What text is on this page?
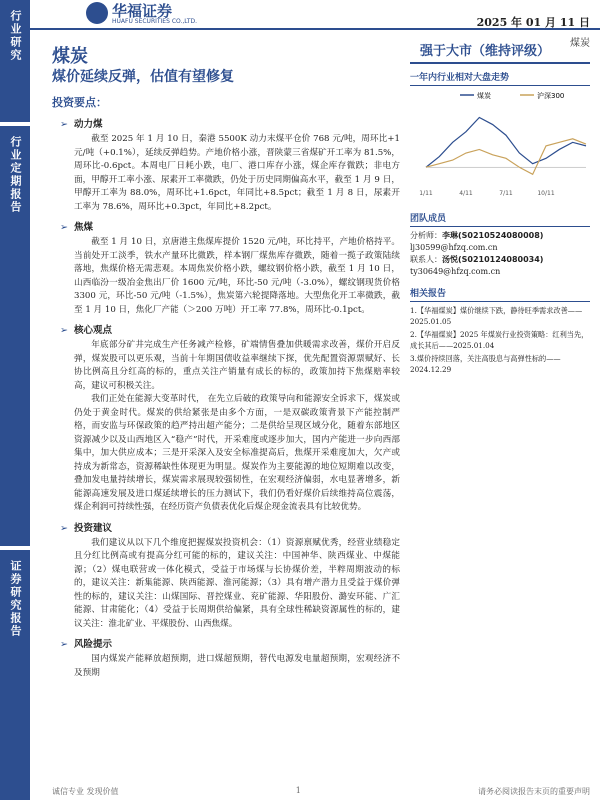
行业研究
行业定期报告
证券研究报告
华福证券
HUAFU SECURITIES CO.,LTD.	2025 年 01 月 11 日
煤炭
煤炭
煤价延续反弹，估值有望修复
强于大市（维持评级）
投资要点：
➢ 动力煤
截至 2025 年 1 月 10 日，秦港 5500K 动力末煤平仓价 768 元/吨，周环比+1 元/吨（+0.1%），延续反弹趋势。产地价格小涨，晋陕蒙三省煤矿开工率为 81.5%，周环比-0.6pct。本周电厂日耗小跌，电厂、港口库存小涨，煤企库存微跌；非电方面，甲醇开工率小涨、尿素开工率微跌，仍处于历史同期偏高水平，截至 1 月 9 日，甲醇开工率为 88.0%，周环比+1.6pct，年同比+8.5pct；截至 1 月 8 日，尿素开工率为 78.6%，周环比+0.3pct，年同比+8.2pct。
➢ 焦煤
截至 1 月 10 日，京唐港主焦煤库提价 1520 元/吨，环比持平，产地价格持平。当前处开工淡季，铁水产量环比微跌，样本钢厂煤焦库存微跌，随着一揽子政策陆续落地，焦煤价格无需悲观。本周焦炭价格小跌，螺纹钢价格小跌，截至 1 月 10 日，山西临汾一级冶金焦出厂价 1600 元/吨，环比-50 元/吨（-3.0%），螺纹钢现货价格 3300 元，环比-50 元/吨（-1.5%），焦炭第六轮提降落地。大型焦化开工率微跌，截至 1 月 10 日，焦化厂产能（＞200 万吨）开工率 77.8%，周环比-0.1pct。
➢ 核心观点
年底部分矿井完成生产任务减产检修，矿端情售叠加供暖需求改善，煤价开启反弹，煤炭股可以更乐观，当前十年期国债收益率继续下探，优先配置资源票赋好、长协比例高且分红高的标的，重点关注产销量有成长的标的，政策加持下焦煤赔率较高，建议可积极关注。
我们正处在能源大变革时代， 在先立后破的政策导向和能源安全诉求下，煤炭或仍处于黄金时代。煤炭的供给紧张是由多个方面，一是双碳政策背景下产能控制严格，而安监与环保政策的趋严持出超产能分；二是供给呈现区域分化，随着东部地区资源减少以及山西地区入“稳产”时代，开采难度或逐步加大，国内产能进一步向西部集中，加大供应成本；三是开采深入及安全标准提高后，焦煤开采难度加大，欠产或持成为新常态，资源稀缺性体现更为明显。煤炭作为主要能源的地位短期难以改变，叠加发电量持续增长，煤炭需求展现较强韧性，在宏观经济偏弱，水电显著增多，新能源高速发展及进口煤延续增长的压力测试下，我们仍看好煤价后续维持高位震荡，煤企利润可持续性强，在经历资产负债表优化后煤企现金流表具有比较优势。
➢ 投资建议
我们建议从以下几个维度把握煤炭投资机会：（1）资源禀赋优秀，经营业绩稳定且分红比例高或有提高分红可能的标的，建议关注：中国神华、陕西煤业、中煤能源；（2）煤电联营或一体化模式，受益于市场煤与长协煤价差，半粹周期波动的标的，建议关注：新集能源、陕西能源、淮河能源；（3）具有增产潜力且受益于煤价弹性的标的，建议关注：山煤国际、晋控煤业、兖矿能源、华阳股份、潞安环能、广汇能源、甘肃能化；（4）受益于长周期供给偏紧，具有全球性稀缺资源属性的标的，建议关注：淮北矿业、平煤股份、山西焦煤。
➢ 风险提示
国内煤炭产能释放超预期，进口煤超预期，替代电源发电量超预期，宏观经济不及预期
一年内行业相对大盘走势
煤炭	沪深300
1/11	4/11	7/11	10/11
团队成员
分析师：李琳(S0210524080008)
lj30599@hfzq.com.cn
联系人：汤悦(S0210124080034)
ty30649@hfzq.com.cn
相关报告
1.【华福煤炭】煤价继续下跌，静待旺季需求改善——2025.01.05
2.【华福煤炭】2025 年煤炭行业投资策略：红利当先，成长其后——2025.01.04
3.煤价持续回落，关注高股息与高弹性标的——2024.12.29
诚信专业 发现价值	1	请务必阅读报告末页的重要声明
